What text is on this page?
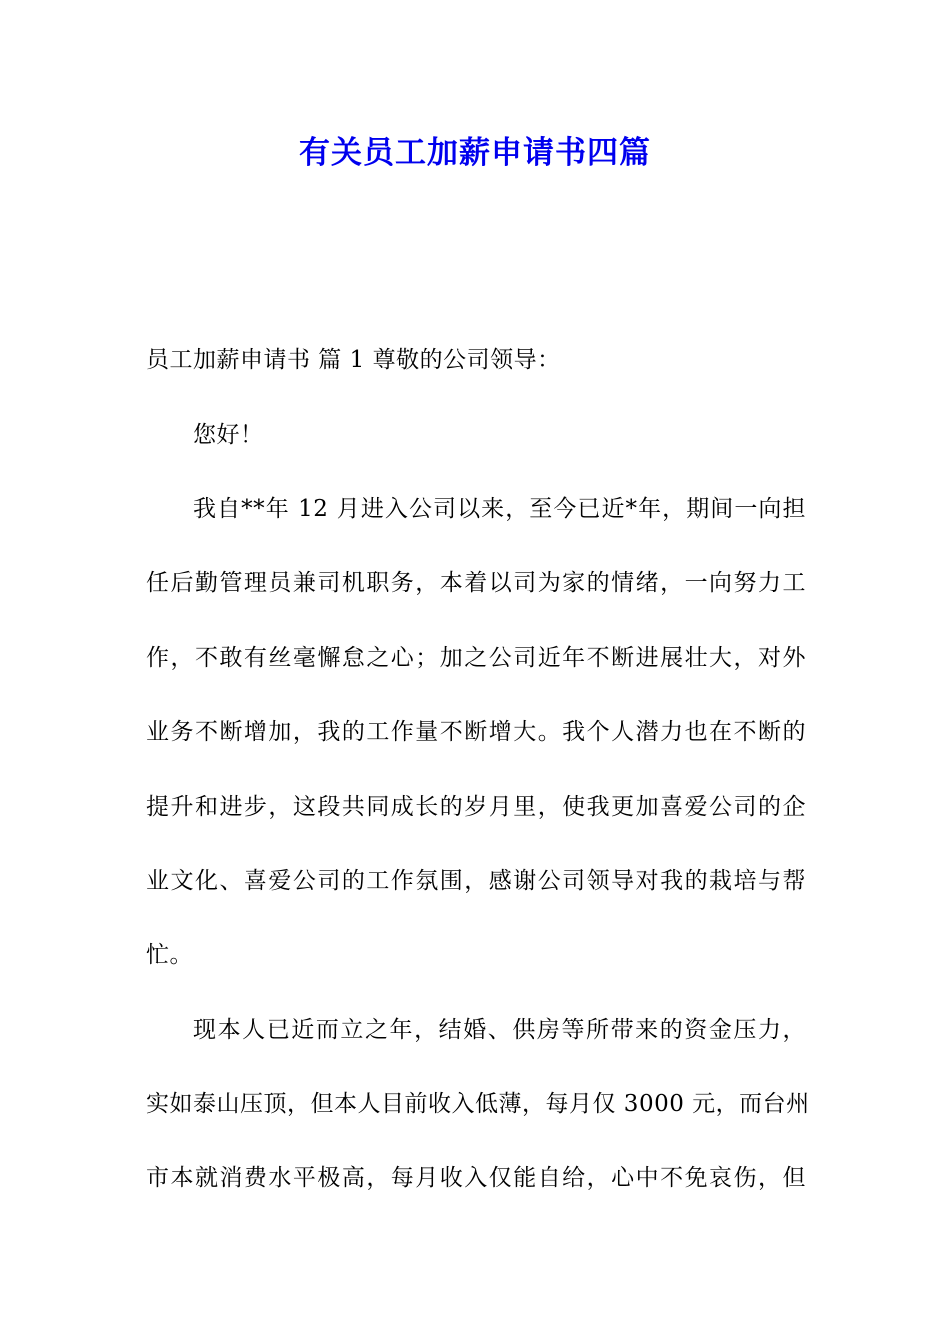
有关员工加薪申请书四篇
员工加薪申请书 篇 1 尊敬的公司领导：
您好！
我自**年 12 月进入公司以来，至今已近*年，期间一向担
任后勤管理员兼司机职务，本着以司为家的情绪，一向努力工
作，不敢有丝毫懈怠之心；加之公司近年不断进展壮大，对外
业务不断增加，我的工作量不断增大。我个人潜力也在不断的
提升和进步，这段共同成长的岁月里，使我更加喜爱公司的企
业文化、喜爱公司的工作氛围，感谢公司领导对我的栽培与帮
忙。
现本人已近而立之年，结婚、供房等所带来的资金压力，
实如泰山压顶，但本人目前收入低薄，每月仅 3000 元，而台州
市本就消费水平极高，每月收入仅能自给，心中不免哀伤，但
